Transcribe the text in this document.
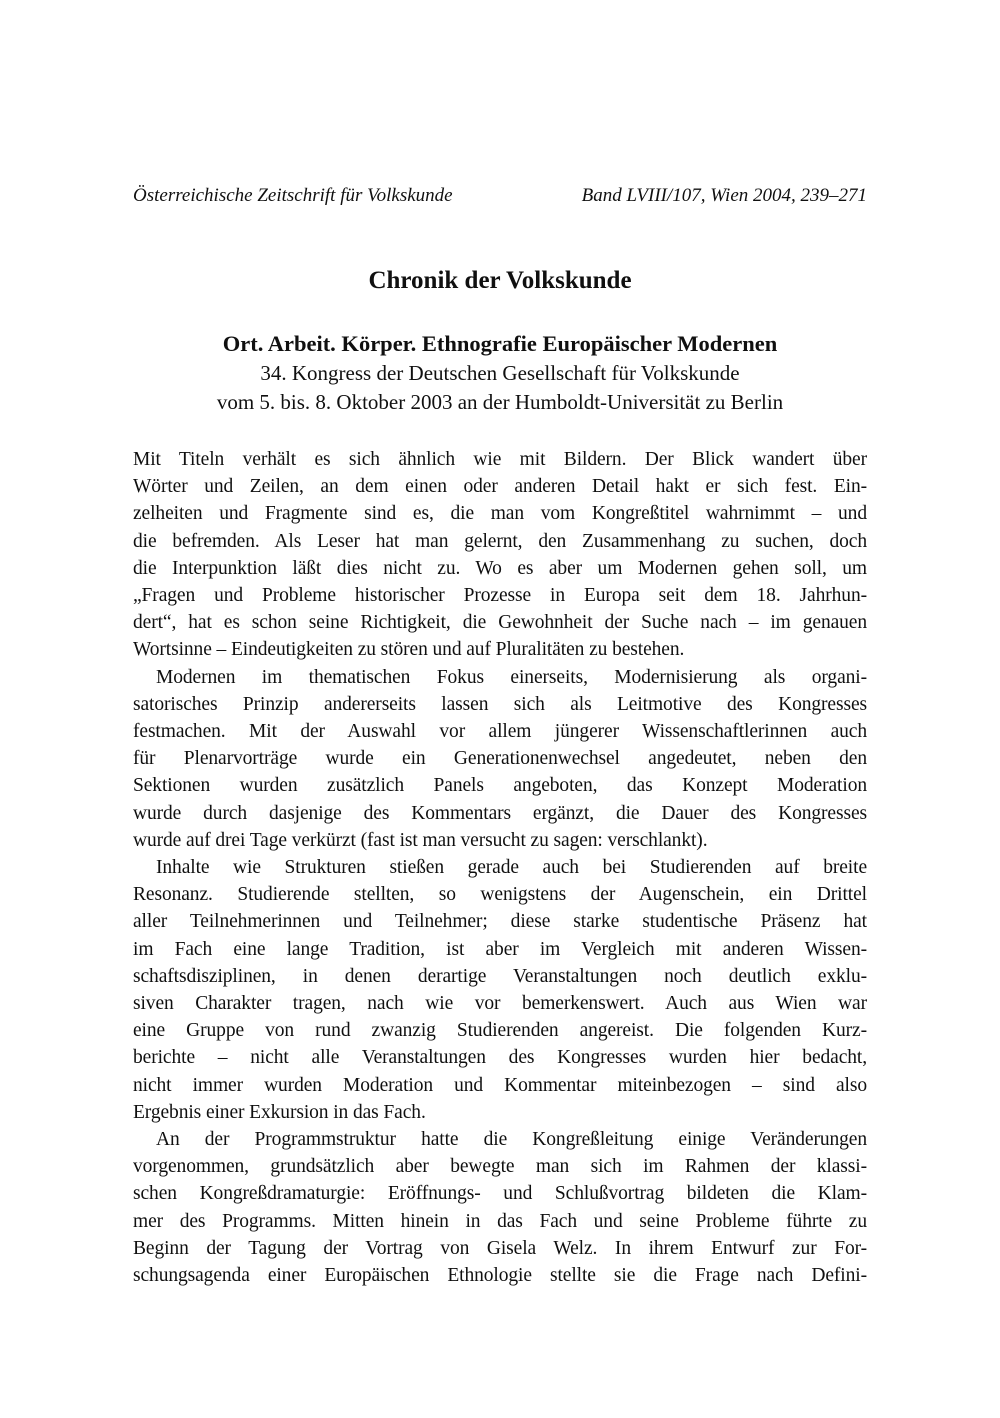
Österreichische Zeitschrift für Volkskunde	Band LVIII/107, Wien 2004, 239–271
Chronik der Volkskunde
Ort. Arbeit. Körper. Ethnografie Europäischer Modernen
34. Kongress der Deutschen Gesellschaft für Volkskunde
vom 5. bis. 8. Oktober 2003 an der Humboldt-Universität zu Berlin
Mit Titeln verhält es sich ähnlich wie mit Bildern. Der Blick wandert über
Wörter und Zeilen, an dem einen oder anderen Detail hakt er sich fest. Ein-
zelheiten und Fragmente sind es, die man vom Kongreßtitel wahrnimmt – und
die befremden. Als Leser hat man gelernt, den Zusammenhang zu suchen, doch
die Interpunktion läßt dies nicht zu. Wo es aber um Modernen gehen soll, um
„Fragen und Probleme historischer Prozesse in Europa seit dem 18. Jahrhun-
dert“, hat es schon seine Richtigkeit, die Gewohnheit der Suche nach – im genauen
Wortsinne – Eindeutigkeiten zu stören und auf Pluralitäten zu bestehen.
Modernen im thematischen Fokus einerseits, Modernisierung als organi-
satorisches Prinzip andererseits lassen sich als Leitmotive des Kongresses
festmachen. Mit der Auswahl vor allem jüngerer Wissenschaftlerinnen auch
für Plenarvorträge wurde ein Generationenwechsel angedeutet, neben den
Sektionen wurden zusätzlich Panels angeboten, das Konzept Moderation
wurde durch dasjenige des Kommentars ergänzt, die Dauer des Kongresses
wurde auf drei Tage verkürzt (fast ist man versucht zu sagen: verschlankt).
Inhalte wie Strukturen stießen gerade auch bei Studierenden auf breite
Resonanz. Studierende stellten, so wenigstens der Augenschein, ein Drittel
aller Teilnehmerinnen und Teilnehmer; diese starke studentische Präsenz hat
im Fach eine lange Tradition, ist aber im Vergleich mit anderen Wissen-
schaftsdisziplinen, in denen derartige Veranstaltungen noch deutlich exklu-
siven Charakter tragen, nach wie vor bemerkenswert. Auch aus Wien war
eine Gruppe von rund zwanzig Studierenden angereist. Die folgenden Kurz-
berichte – nicht alle Veranstaltungen des Kongresses wurden hier bedacht,
nicht immer wurden Moderation und Kommentar miteinbezogen – sind also
Ergebnis einer Exkursion in das Fach.
An der Programmstruktur hatte die Kongreßleitung einige Veränderungen
vorgenommen, grundsätzlich aber bewegte man sich im Rahmen der klassi-
schen Kongreßdramaturgie: Eröffnungs- und Schlußvortrag bildeten die Klam-
mer des Programms. Mitten hinein in das Fach und seine Probleme führte zu
Beginn der Tagung der Vortrag von Gisela Welz. In ihrem Entwurf zur For-
schungsagenda einer Europäischen Ethnologie stellte sie die Frage nach Defini-
